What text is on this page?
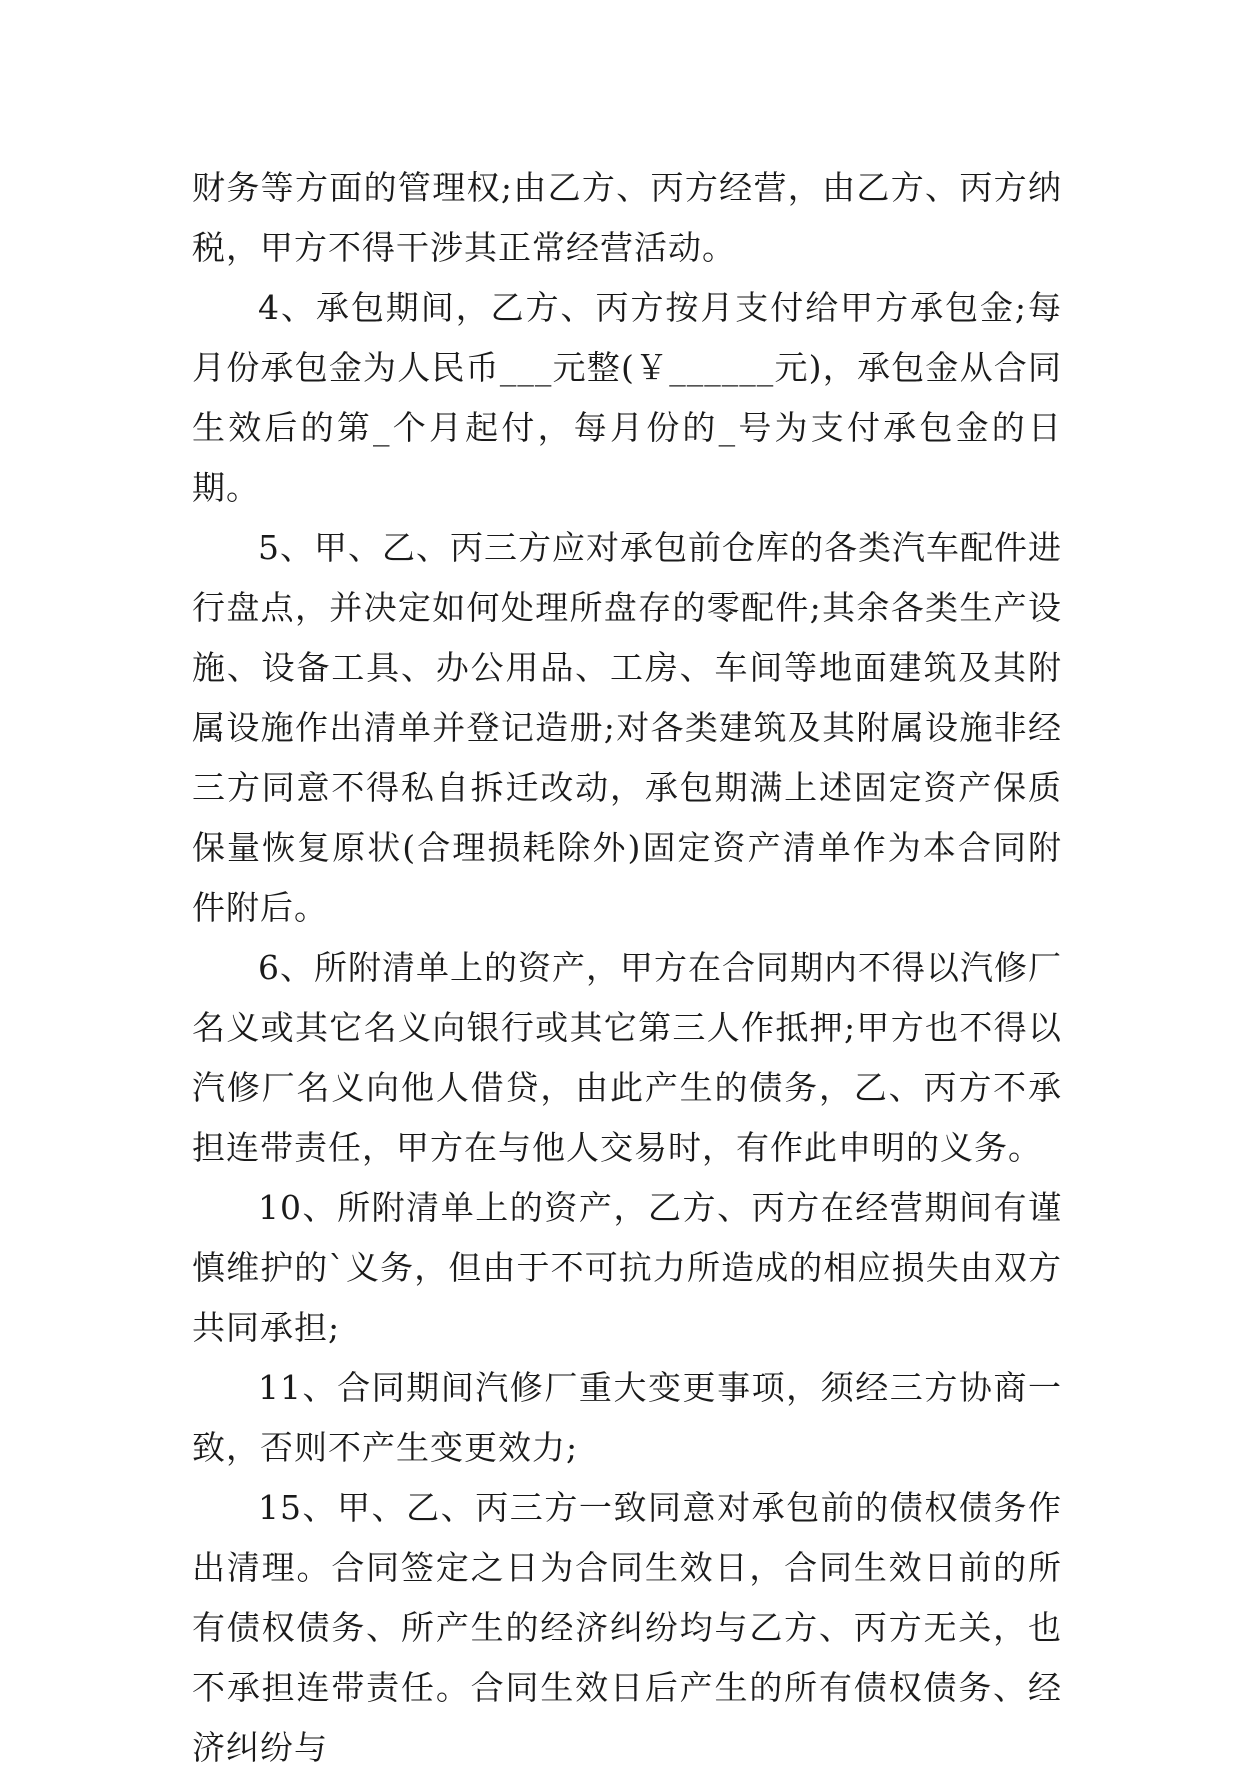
财务等方面的管理权;由乙方、丙方经营，由乙方、丙方纳税，甲方不得干涉其正常经营活动。

4、承包期间，乙方、丙方按月支付给甲方承包金;每月份承包金为人民币___元整(￥______元)，承包金从合同生效后的第_个月起付，每月份的_号为支付承包金的日期。

5、甲、乙、丙三方应对承包前仓库的各类汽车配件进行盘点，并决定如何处理所盘存的零配件;其余各类生产设施、设备工具、办公用品、工房、车间等地面建筑及其附属设施作出清单并登记造册;对各类建筑及其附属设施非经三方同意不得私自拆迁改动，承包期满上述固定资产保质保量恢复原状(合理损耗除外)固定资产清单作为本合同附件附后。

6、所附清单上的资产，甲方在合同期内不得以汽修厂名义或其它名义向银行或其它第三人作抵押;甲方也不得以汽修厂名义向他人借贷，由此产生的债务，乙、丙方不承担连带责任，甲方在与他人交易时，有作此申明的义务。

10、所附清单上的资产，乙方、丙方在经营期间有谨慎维护的`义务，但由于不可抗力所造成的相应损失由双方共同承担;

11、合同期间汽修厂重大变更事项，须经三方协商一致，否则不产生变更效力;

15、甲、乙、丙三方一致同意对承包前的债权债务作出清理。合同签定之日为合同生效日，合同生效日前的所有债权债务、所产生的经济纠纷均与乙方、丙方无关，也不承担连带责任。合同生效日后产生的所有债权债务、经济纠纷与
